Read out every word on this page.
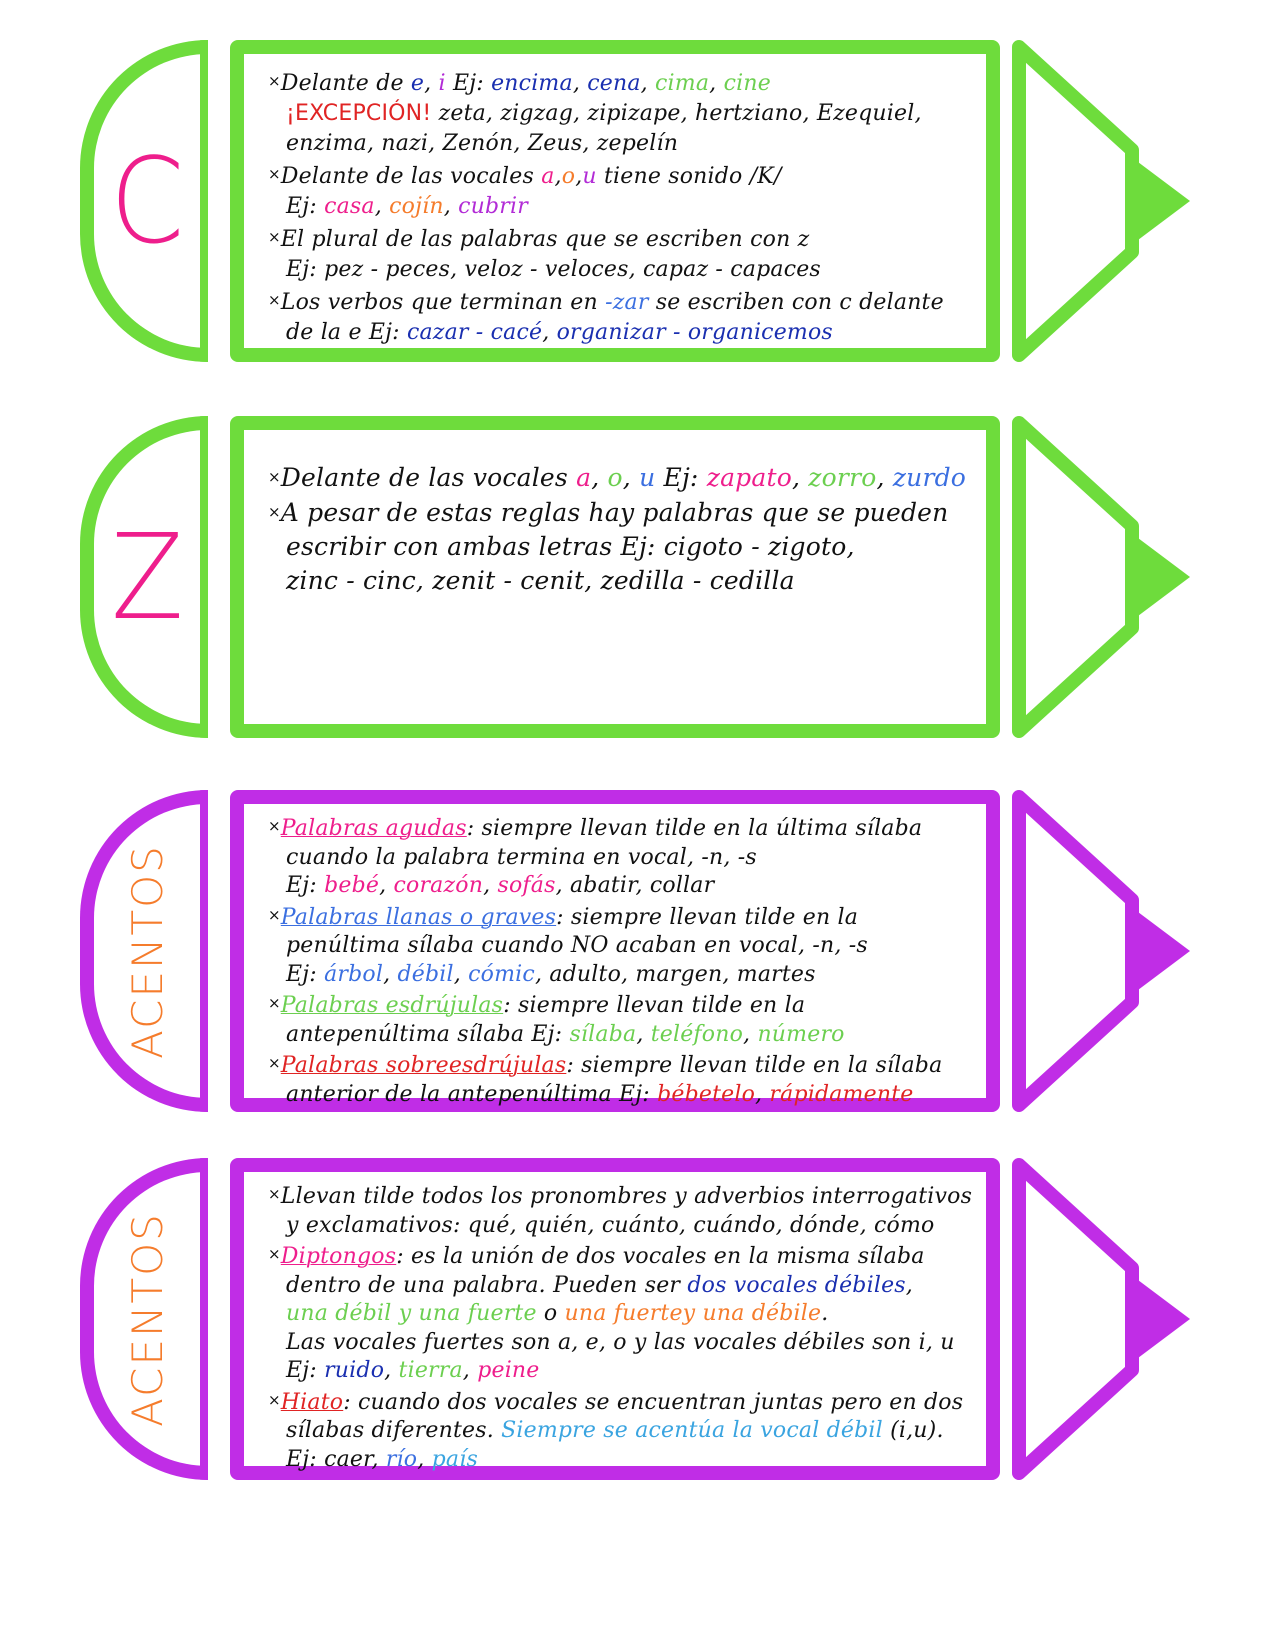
C
×Delante de e, i Ej: encima, cena, cima, cine
¡EXCEPCIÓN! zeta, zigzag, zipizape, hertziano, Ezequiel,
enzima, nazi, Zenón, Zeus, zepelín
×Delante de las vocales a,o,u tiene sonido /K/
Ej: casa, cojín, cubrir
×El plural de las palabras que se escriben con z
Ej: pez - peces, veloz - veloces, capaz - capaces
×Los verbos que terminan en -zar se escriben con c delante
de la e Ej: cazar - cacé, organizar - organicemos
Z
×Delante de las vocales a, o, u Ej: zapato, zorro, zurdo
×A pesar de estas reglas hay palabras que se pueden
escribir con ambas letras Ej: cigoto - zigoto,
zinc - cinc, zenit - cenit, zedilla - cedilla
ACENTOS
×Palabras agudas: siempre llevan tilde en la última sílaba
cuando la palabra termina en vocal, -n, -s
Ej: bebé, corazón, sofás, abatir, collar
×Palabras llanas o graves: siempre llevan tilde en la
penúltima sílaba cuando NO acaban en vocal, -n, -s
Ej: árbol, débil, cómic, adulto, margen, martes
×Palabras esdrújulas: siempre llevan tilde en la
antepenúltima sílaba Ej: sílaba, teléfono, número
×Palabras sobreesdrújulas: siempre llevan tilde en la sílaba
anterior de la antepenúltima Ej: bébetelo, rápidamente
ACENTOS
×Llevan tilde todos los pronombres y adverbios interrogativos
y exclamativos: qué, quién, cuánto, cuándo, dónde, cómo
×Diptongos: es la unión de dos vocales en la misma sílaba
dentro de una palabra. Pueden ser dos vocales débiles,
una débil y una fuerte o una fuertey una débile.
Las vocales fuertes son a, e, o y las vocales débiles son i, u
Ej: ruido, tierra, peine
×Hiato: cuando dos vocales se encuentran juntas pero en dos
sílabas diferentes. Siempre se acentúa la vocal débil (i,u).
Ej: caer, río, país
